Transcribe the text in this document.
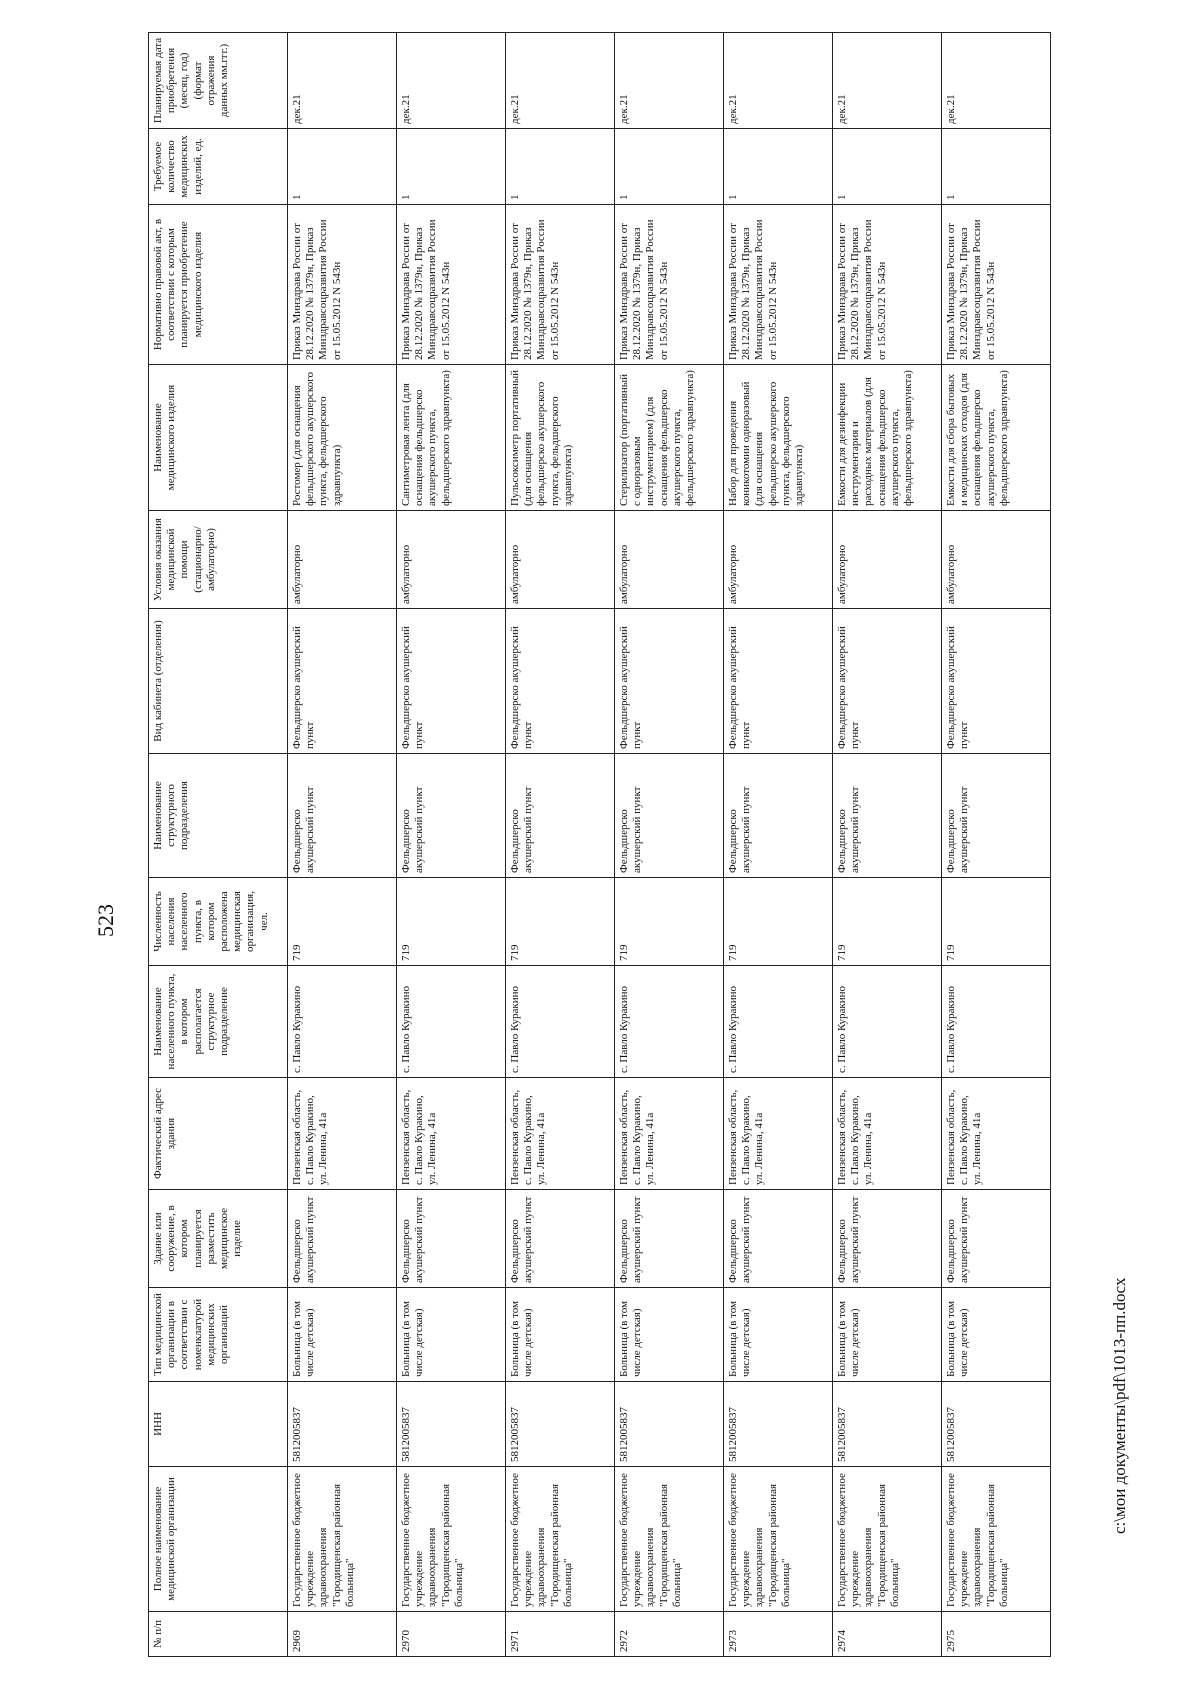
523
№ п/п	Полное наименование медицинской организации	ИНН	Тип медицинской организации в соответствии с номенклатурой медицинских организаций	Здание или сооружение, в котором планируется разместить медицинское изделие	Фактический адрес здания	Наименование населенного пункта, в котором располагается структурное подразделение	Численность населения населенного пункта, в котором расположена медицинская организация, чел.	Наименование структурного подразделения	Вид кабинета (отделения)	Условия оказания медицинской помощи (стационарно/ амбулаторно)	Наименование медицинского изделия	Нормативно правовой акт, в соответствии с которым планируется приобретение медицинского изделия	Требуемое количество медицинских изделий, ед.	Планируемая дата приобретения (месяц, год) (формат отражения данных мм.ггг.)
2969	Государственное бюджетное учреждение здравоохранения "Городищенская районная больница"	5812005837	Больница (в том числе детская)	Фельдшерско акушерский пункт	Пензенская область, с. Павло Куракино, ул. Ленина, 41а	с. Павло Куракино	719	Фельдшерско акушерский пункт	Фельдшерско акушерский пункт	амбулаторно	Ростомер (для оснащения фельдшерского акушерского пункта, фельдшерского здравпункта)	Приказ Минздрава России от 28.12.2020 № 1379н, Приказ Минздравсоцразвития России от 15.05.2012 N 543н	1	дек.21
2970	Государственное бюджетное учреждение здравоохранения "Городищенская районная больница"	5812005837	Больница (в том числе детская)	Фельдшерско акушерский пункт	Пензенская область, с. Павло Куракино, ул. Ленина, 41а	с. Павло Куракино	719	Фельдшерско акушерский пункт	Фельдшерско акушерский пункт	амбулаторно	Сантиметровая лента (для оснащения фельдшерско акушерского пункта, фельдшерского здравпункта)	Приказ Минздрава России от 28.12.2020 № 1379н, Приказ Минздравсоцразвития России от 15.05.2012 N 543н	1	дек.21
2971	Государственное бюджетное учреждение здравоохранения "Городищенская районная больница"	5812005837	Больница (в том числе детская)	Фельдшерско акушерский пункт	Пензенская область, с. Павло Куракино, ул. Ленина, 41а	с. Павло Куракино	719	Фельдшерско акушерский пункт	Фельдшерско акушерский пункт	амбулаторно	Пульсоксиметр портативный (для оснащения фельдшерско акушерского пункта, фельдшерского здравпункта)	Приказ Минздрава России от 28.12.2020 № 1379н, Приказ Минздравсоцразвития России от 15.05.2012 N 543н	1	дек.21
2972	Государственное бюджетное учреждение здравоохранения "Городищенская районная больница"	5812005837	Больница (в том числе детская)	Фельдшерско акушерский пункт	Пензенская область, с. Павло Куракино, ул. Ленина, 41а	с. Павло Куракино	719	Фельдшерско акушерский пункт	Фельдшерско акушерский пункт	амбулаторно	Стерилизатор (портативный с одноразовым инструментарием) (для оснащения фельдшерско акушерского пункта, фельдшерского здравпункта)	Приказ Минздрава России от 28.12.2020 № 1379н, Приказ Минздравсоцразвития России от 15.05.2012 N 543н	1	дек.21
2973	Государственное бюджетное учреждение здравоохранения "Городищенская районная больница"	5812005837	Больница (в том числе детская)	Фельдшерско акушерский пункт	Пензенская область, с. Павло Куракино, ул. Ленина, 41а	с. Павло Куракино	719	Фельдшерско акушерский пункт	Фельдшерско акушерский пункт	амбулаторно	Набор для проведения коникотомии одноразовый (для оснащения фельдшерско акушерского пункта, фельдшерского здравпункта)	Приказ Минздрава России от 28.12.2020 № 1379н, Приказ Минздравсоцразвития России от 15.05.2012 N 543н	1	дек.21
2974	Государственное бюджетное учреждение здравоохранения "Городищенская районная больница"	5812005837	Больница (в том числе детская)	Фельдшерско акушерский пункт	Пензенская область, с. Павло Куракино, ул. Ленина, 41а	с. Павло Куракино	719	Фельдшерско акушерский пункт	Фельдшерско акушерский пункт	амбулаторно	Емкости для дезинфекции инструментария и расходных материалов (для оснащения фельдшерско акушерского пункта, фельдшерского здравпункта)	Приказ Минздрава России от 28.12.2020 № 1379н, Приказ Минздравсоцразвития России от 15.05.2012 N 543н	1	дек.21
2975	Государственное бюджетное учреждение здравоохранения "Городищенская районная больница"	5812005837	Больница (в том числе детская)	Фельдшерско акушерский пункт	Пензенская область, с. Павло Куракино, ул. Ленина, 41а	с. Павло Куракино	719	Фельдшерско акушерский пункт	Фельдшерско акушерский пункт	амбулаторно	Емкости для сбора бытовых и медицинских отходов (для оснащения фельдшерско акушерского пункта, фельдшерского здравпункта)	Приказ Минздрава России от 28.12.2020 № 1379н, Приказ Минздравсоцразвития России от 15.05.2012 N 543н	1	дек.21
c:\мои документы\pdf\1013-пп.docx
